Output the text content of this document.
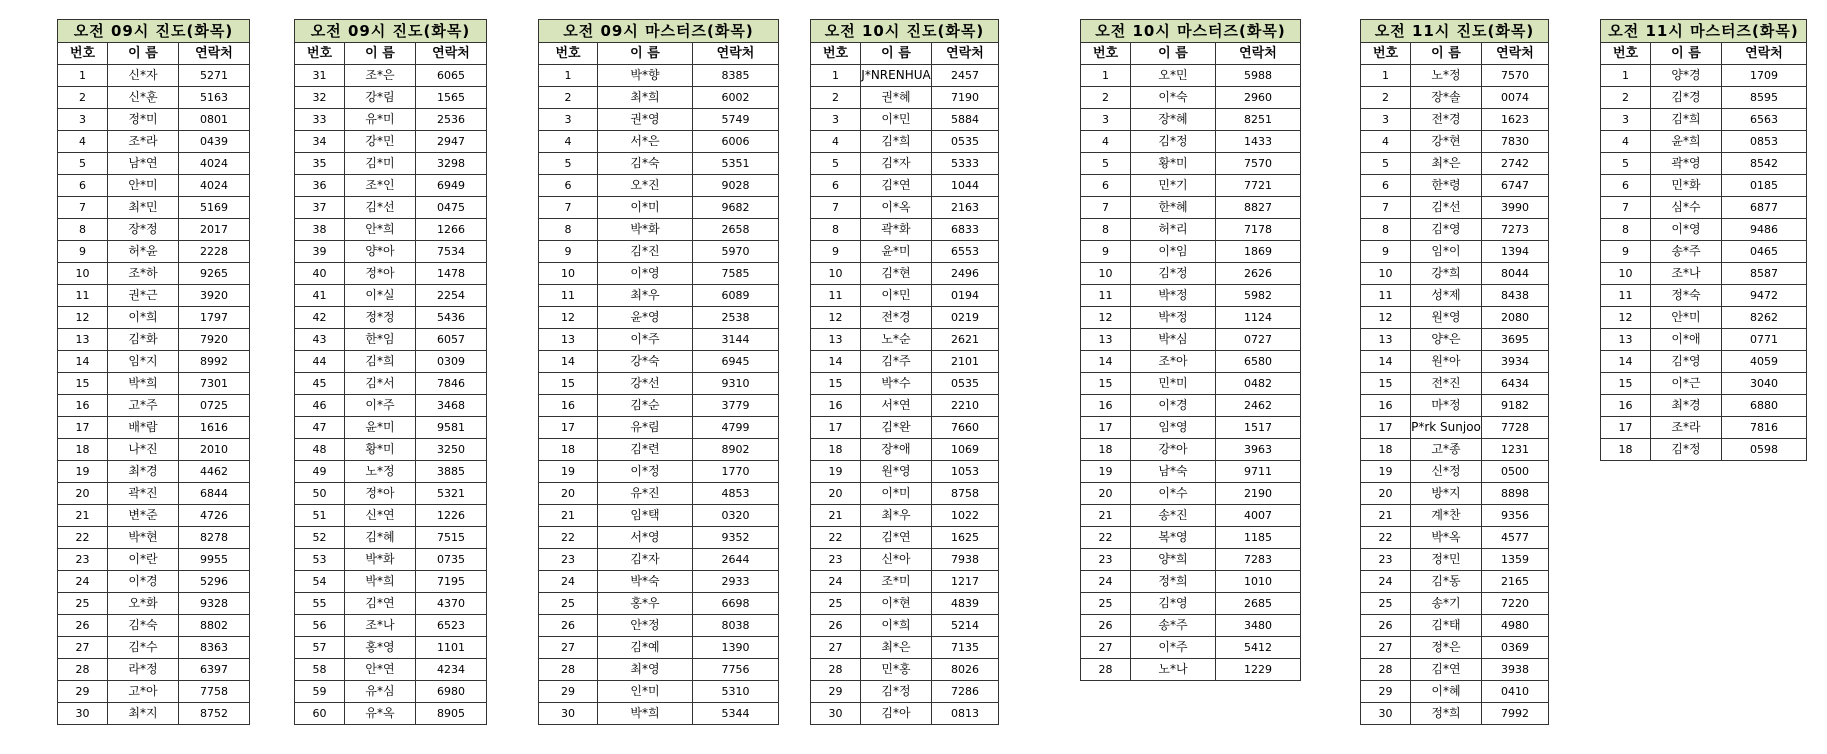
오전 09시 진도(화목)		
번호	이 름	연락처
1	신*자	5271
2	신*훈	5163
3	정*미	0801
4	조*라	0439
5	남*연	4024
6	안*미	4024
7	최*민	5169
8	장*정	2017
9	허*윤	2228
10	조*하	9265
11	권*근	3920
12	이*희	1797
13	김*화	7920
14	임*지	8992
15	박*희	7301
16	고*주	0725
17	배*람	1616
18	나*진	2010
19	최*경	4462
20	곽*진	6844
21	변*준	4726
22	박*현	8278
23	이*란	9955
24	이*경	5296
25	오*화	9328
26	김*숙	8802
27	김*수	8363
28	라*정	6397
29	고*아	7758
30	최*지	8752
오전 09시 진도(화목)		
번호	이 름	연락처
31	조*은	6065
32	강*림	1565
33	유*미	2536
34	강*민	2947
35	김*미	3298
36	조*인	6949
37	김*선	0475
38	안*희	1266
39	양*아	7534
40	정*아	1478
41	이*실	2254
42	정*정	5436
43	한*임	6057
44	김*희	0309
45	김*서	7846
46	이*주	3468
47	윤*미	9581
48	황*미	3250
49	노*정	3885
50	정*아	5321
51	신*연	1226
52	김*혜	7515
53	박*화	0735
54	박*희	7195
55	김*연	4370
56	조*나	6523
57	홍*영	1101
58	안*연	4234
59	유*심	6980
60	유*옥	8905
오전 09시 마스터즈(화목)		
번호	이 름	연락처
1	박*향	8385
2	최*희	6002
3	권*영	5749
4	서*은	6006
5	김*숙	5351
6	오*진	9028
7	이*미	9682
8	박*화	2658
9	김*진	5970
10	이*영	7585
11	최*우	6089
12	윤*영	2538
13	이*주	3144
14	강*숙	6945
15	강*선	9310
16	김*순	3779
17	유*림	4799
18	김*련	8902
19	이*정	1770
20	유*진	4853
21	임*택	0320
22	서*영	9352
23	김*자	2644
24	박*숙	2933
25	홍*우	6698
26	안*정	8038
27	김*예	1390
28	최*영	7756
29	인*미	5310
30	박*희	5344
오전 10시 진도(화목)		
번호	이 름	연락처
1	J*NRENHUA	2457
2	권*혜	7190
3	이*민	5884
4	김*희	0535
5	김*자	5333
6	김*연	1044
7	이*옥	2163
8	곽*화	6833
9	윤*미	6553
10	김*현	2496
11	이*민	0194
12	전*경	0219
13	노*순	2621
14	김*주	2101
15	박*수	0535
16	서*연	2210
17	김*완	7660
18	장*애	1069
19	원*영	1053
20	이*미	8758
21	최*우	1022
22	김*연	1625
23	신*아	7938
24	조*미	1217
25	이*현	4839
26	이*희	5214
27	최*은	7135
28	민*홍	8026
29	김*정	7286
30	김*아	0813
오전 10시 마스터즈(화목)		
번호	이 름	연락처
1	오*민	5988
2	이*숙	2960
3	장*혜	8251
4	김*정	1433
5	황*미	7570
6	민*기	7721
7	한*혜	8827
8	허*리	7178
9	이*임	1869
10	김*정	2626
11	박*정	5982
12	박*정	1124
13	박*심	0727
14	조*아	6580
15	민*미	0482
16	이*경	2462
17	임*영	1517
18	강*아	3963
19	남*숙	9711
20	이*수	2190
21	송*진	4007
22	복*영	1185
23	양*희	7283
24	정*희	1010
25	김*영	2685
26	송*주	3480
27	이*주	5412
28	노*나	1229
오전 11시 진도(화목)		
번호	이 름	연락처
1	노*정	7570
2	장*솔	0074
3	전*경	1623
4	강*현	7830
5	최*은	2742
6	한*령	6747
7	김*선	3990
8	김*영	7273
9	임*이	1394
10	강*희	8044
11	성*제	8438
12	원*영	2080
13	양*은	3695
14	원*아	3934
15	전*진	6434
16	마*정	9182
17	P*rk Sunjoo	7728
18	고*종	1231
19	신*정	0500
20	방*지	8898
21	계*찬	9356
22	박*옥	4577
23	정*민	1359
24	김*동	2165
25	송*기	7220
26	김*태	4980
27	정*은	0369
28	김*연	3938
29	이*혜	0410
30	정*희	7992
오전 11시 마스터즈(화목)		
번호	이 름	연락처
1	양*경	1709
2	김*경	8595
3	김*희	6563
4	윤*희	0853
5	곽*영	8542
6	민*화	0185
7	심*수	6877
8	이*영	9486
9	송*주	0465
10	조*나	8587
11	정*숙	9472
12	안*미	8262
13	이*애	0771
14	김*영	4059
15	이*근	3040
16	최*경	6880
17	조*라	7816
18	김*정	0598
